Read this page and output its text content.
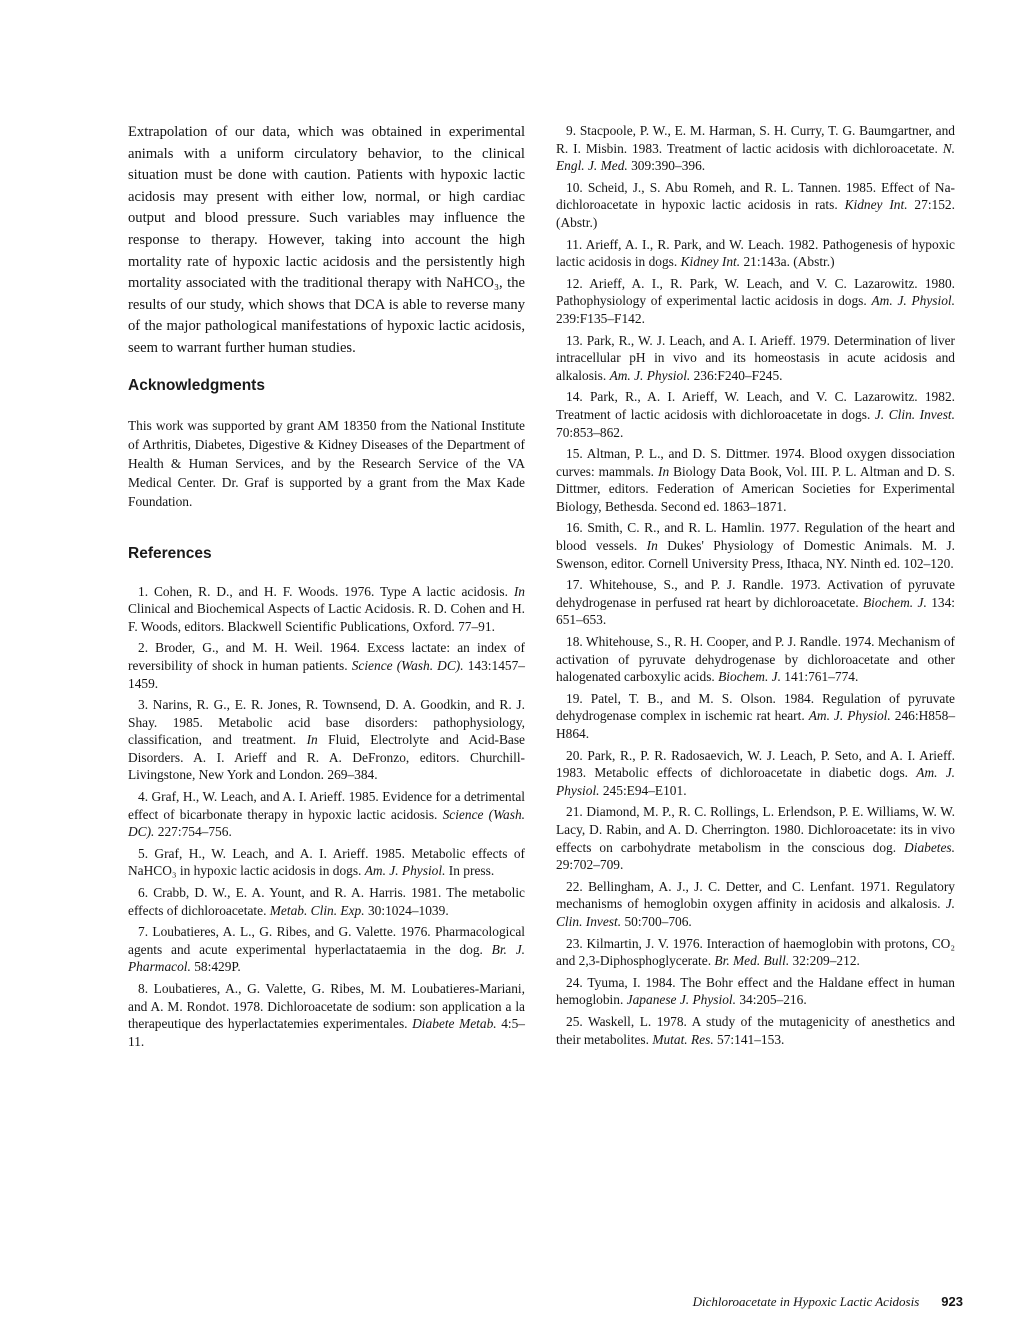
Extrapolation of our data, which was obtained in experimental animals with a uniform circulatory behavior, to the clinical situation must be done with caution. Patients with hypoxic lactic acidosis may present with either low, normal, or high cardiac output and blood pressure. Such variables may influence the response to therapy. However, taking into account the high mortality rate of hypoxic lactic acidosis and the persistently high mortality associated with the traditional therapy with NaHCO₃, the results of our study, which shows that DCA is able to reverse many of the major pathological manifestations of hypoxic lactic acidosis, seem to warrant further human studies.

Acknowledgments

This work was supported by grant AM 18350 from the National Institute of Arthritis, Diabetes, Digestive & Kidney Diseases of the Department of Health & Human Services, and by the Research Service of the VA Medical Center. Dr. Graf is supported by a grant from the Max Kade Foundation.

References

1. Cohen, R. D., and H. F. Woods. 1976. Type A lactic acidosis. In Clinical and Biochemical Aspects of Lactic Acidosis. R. D. Cohen and H. F. Woods, editors. Blackwell Scientific Publications, Oxford. 77–91.

2. Broder, G., and M. H. Weil. 1964. Excess lactate: an index of reversibility of shock in human patients. Science (Wash. DC). 143:1457–1459.

3. Narins, R. G., E. R. Jones, R. Townsend, D. A. Goodkin, and R. J. Shay. 1985. Metabolic acid base disorders: pathophysiology, classification, and treatment. In Fluid, Electrolyte and Acid-Base Disorders. A. I. Arieff and R. A. DeFronzo, editors. Churchill-Livingstone, New York and London. 269–384.

4. Graf, H., W. Leach, and A. I. Arieff. 1985. Evidence for a detrimental effect of bicarbonate therapy in hypoxic lactic acidosis. Science (Wash. DC). 227:754–756.

5. Graf, H., W. Leach, and A. I. Arieff. 1985. Metabolic effects of NaHCO₃ in hypoxic lactic acidosis in dogs. Am. J. Physiol. In press.

6. Crabb, D. W., E. A. Yount, and R. A. Harris. 1981. The metabolic effects of dichloroacetate. Metab. Clin. Exp. 30:1024–1039.

7. Loubatieres, A. L., G. Ribes, and G. Valette. 1976. Pharmacological agents and acute experimental hyperlactataemia in the dog. Br. J. Pharmacol. 58:429P.

8. Loubatieres, A., G. Valette, G. Ribes, M. M. Loubatieres-Mariani, and A. M. Rondot. 1978. Dichloroacetate de sodium: son application a la therapeutique des hyperlactatemies experimentales. Diabete Metab. 4:5–11.

9. Stacpoole, P. W., E. M. Harman, S. H. Curry, T. G. Baumgartner, and R. I. Misbin. 1983. Treatment of lactic acidosis with dichloroacetate. N. Engl. J. Med. 309:390–396.

10. Scheid, J., S. Abu Romeh, and R. L. Tannen. 1985. Effect of Na-dichloroacetate in hypoxic lactic acidosis in rats. Kidney Int. 27:152. (Abstr.)

11. Arieff, A. I., R. Park, and W. Leach. 1982. Pathogenesis of hypoxic lactic acidosis in dogs. Kidney Int. 21:143a. (Abstr.)

12. Arieff, A. I., R. Park, W. Leach, and V. C. Lazarowitz. 1980. Pathophysiology of experimental lactic acidosis in dogs. Am. J. Physiol. 239:F135–F142.

13. Park, R., W. J. Leach, and A. I. Arieff. 1979. Determination of liver intracellular pH in vivo and its homeostasis in acute acidosis and alkalosis. Am. J. Physiol. 236:F240–F245.

14. Park, R., A. I. Arieff, W. Leach, and V. C. Lazarowitz. 1982. Treatment of lactic acidosis with dichloroacetate in dogs. J. Clin. Invest. 70:853–862.

15. Altman, P. L., and D. S. Dittmer. 1974. Blood oxygen dissociation curves: mammals. In Biology Data Book, Vol. III. P. L. Altman and D. S. Dittmer, editors. Federation of American Societies for Experimental Biology, Bethesda. Second ed. 1863–1871.

16. Smith, C. R., and R. L. Hamlin. 1977. Regulation of the heart and blood vessels. In Dukes' Physiology of Domestic Animals. M. J. Swenson, editor. Cornell University Press, Ithaca, NY. Ninth ed. 102–120.

17. Whitehouse, S., and P. J. Randle. 1973. Activation of pyruvate dehydrogenase in perfused rat heart by dichloroacetate. Biochem. J. 134: 651–653.

18. Whitehouse, S., R. H. Cooper, and P. J. Randle. 1974. Mechanism of activation of pyruvate dehydrogenase by dichloroacetate and other halogenated carboxylic acids. Biochem. J. 141:761–774.

19. Patel, T. B., and M. S. Olson. 1984. Regulation of pyruvate dehydrogenase complex in ischemic rat heart. Am. J. Physiol. 246:H858–H864.

20. Park, R., P. R. Radosaevich, W. J. Leach, P. Seto, and A. I. Arieff. 1983. Metabolic effects of dichloroacetate in diabetic dogs. Am. J. Physiol. 245:E94–E101.

21. Diamond, M. P., R. C. Rollings, L. Erlendson, P. E. Williams, W. W. Lacy, D. Rabin, and A. D. Cherrington. 1980. Dichloroacetate: its in vivo effects on carbohydrate metabolism in the conscious dog. Diabetes. 29:702–709.

22. Bellingham, A. J., J. C. Detter, and C. Lenfant. 1971. Regulatory mechanisms of hemoglobin oxygen affinity in acidosis and alkalosis. J. Clin. Invest. 50:700–706.

23. Kilmartin, J. V. 1976. Interaction of haemoglobin with protons, CO₂ and 2,3-Diphosphoglycerate. Br. Med. Bull. 32:209–212.

24. Tyuma, I. 1984. The Bohr effect and the Haldane effect in human hemoglobin. Japanese J. Physiol. 34:205–216.

25. Waskell, L. 1978. A study of the mutagenicity of anesthetics and their metabolites. Mutat. Res. 57:141–153.

Dichloroacetate in Hypoxic Lactic Acidosis 923
